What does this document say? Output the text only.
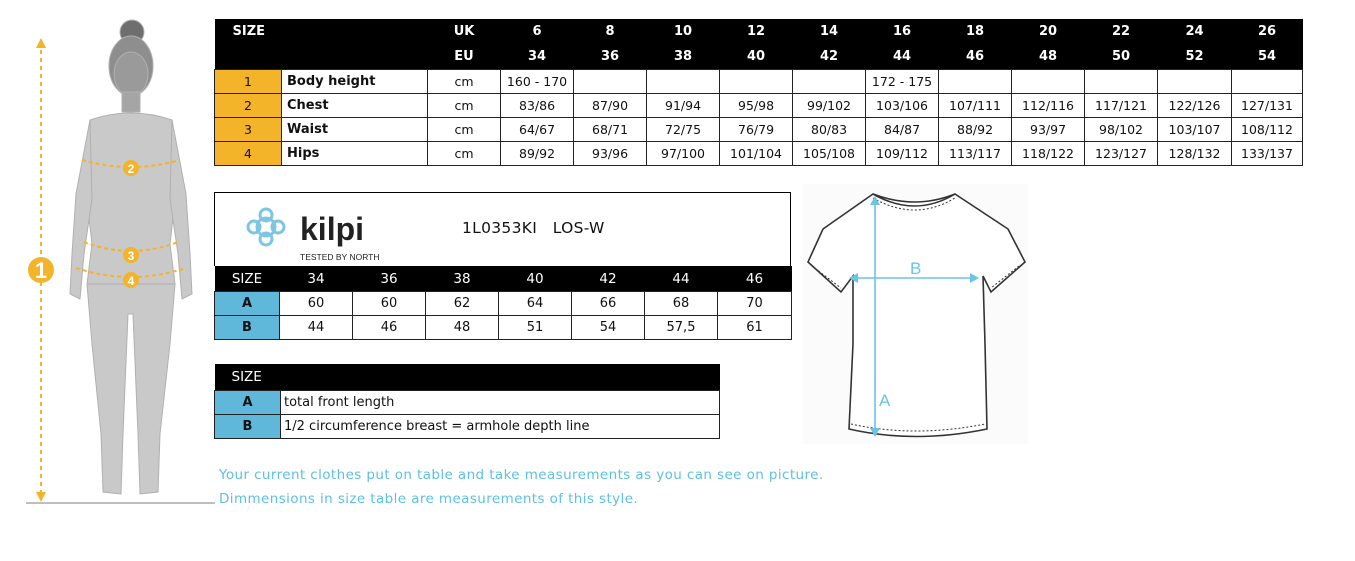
1
2
3
4
SIZE			UK	6	8	10	12	14	16	18	20	22	24	26
			EU	34	36	38	40	42	44	46	48	50	52	54
1	Body height		cm	160 - 170					172 - 175					
2	Chest		cm	83/86	87/90	91/94	95/98	99/102	103/106	107/111	112/116	117/121	122/126	127/131
3	Waist		cm	64/67	68/71	72/75	76/79	80/83	84/87	88/92	93/97	98/102	103/107	108/112
4	Hips		cm	89/92	93/96	97/100	101/104	105/108	109/112	113/117	118/122	123/127	128/132	133/137
kilpi
TESTED BY NORTH
1L0353KI   LOS-W
SIZE	34	36	38	40	42	44	46
A	60	60	62	64	66	68	70
B	44	46	48	51	54	57,5	61
SIZE	
A	total front length
B	1/2 circumference breast = armhole depth line
B
A
Your current clothes put on table and take measurements as you can see on picture.
Dimmensions in size table are measurements of this style.
